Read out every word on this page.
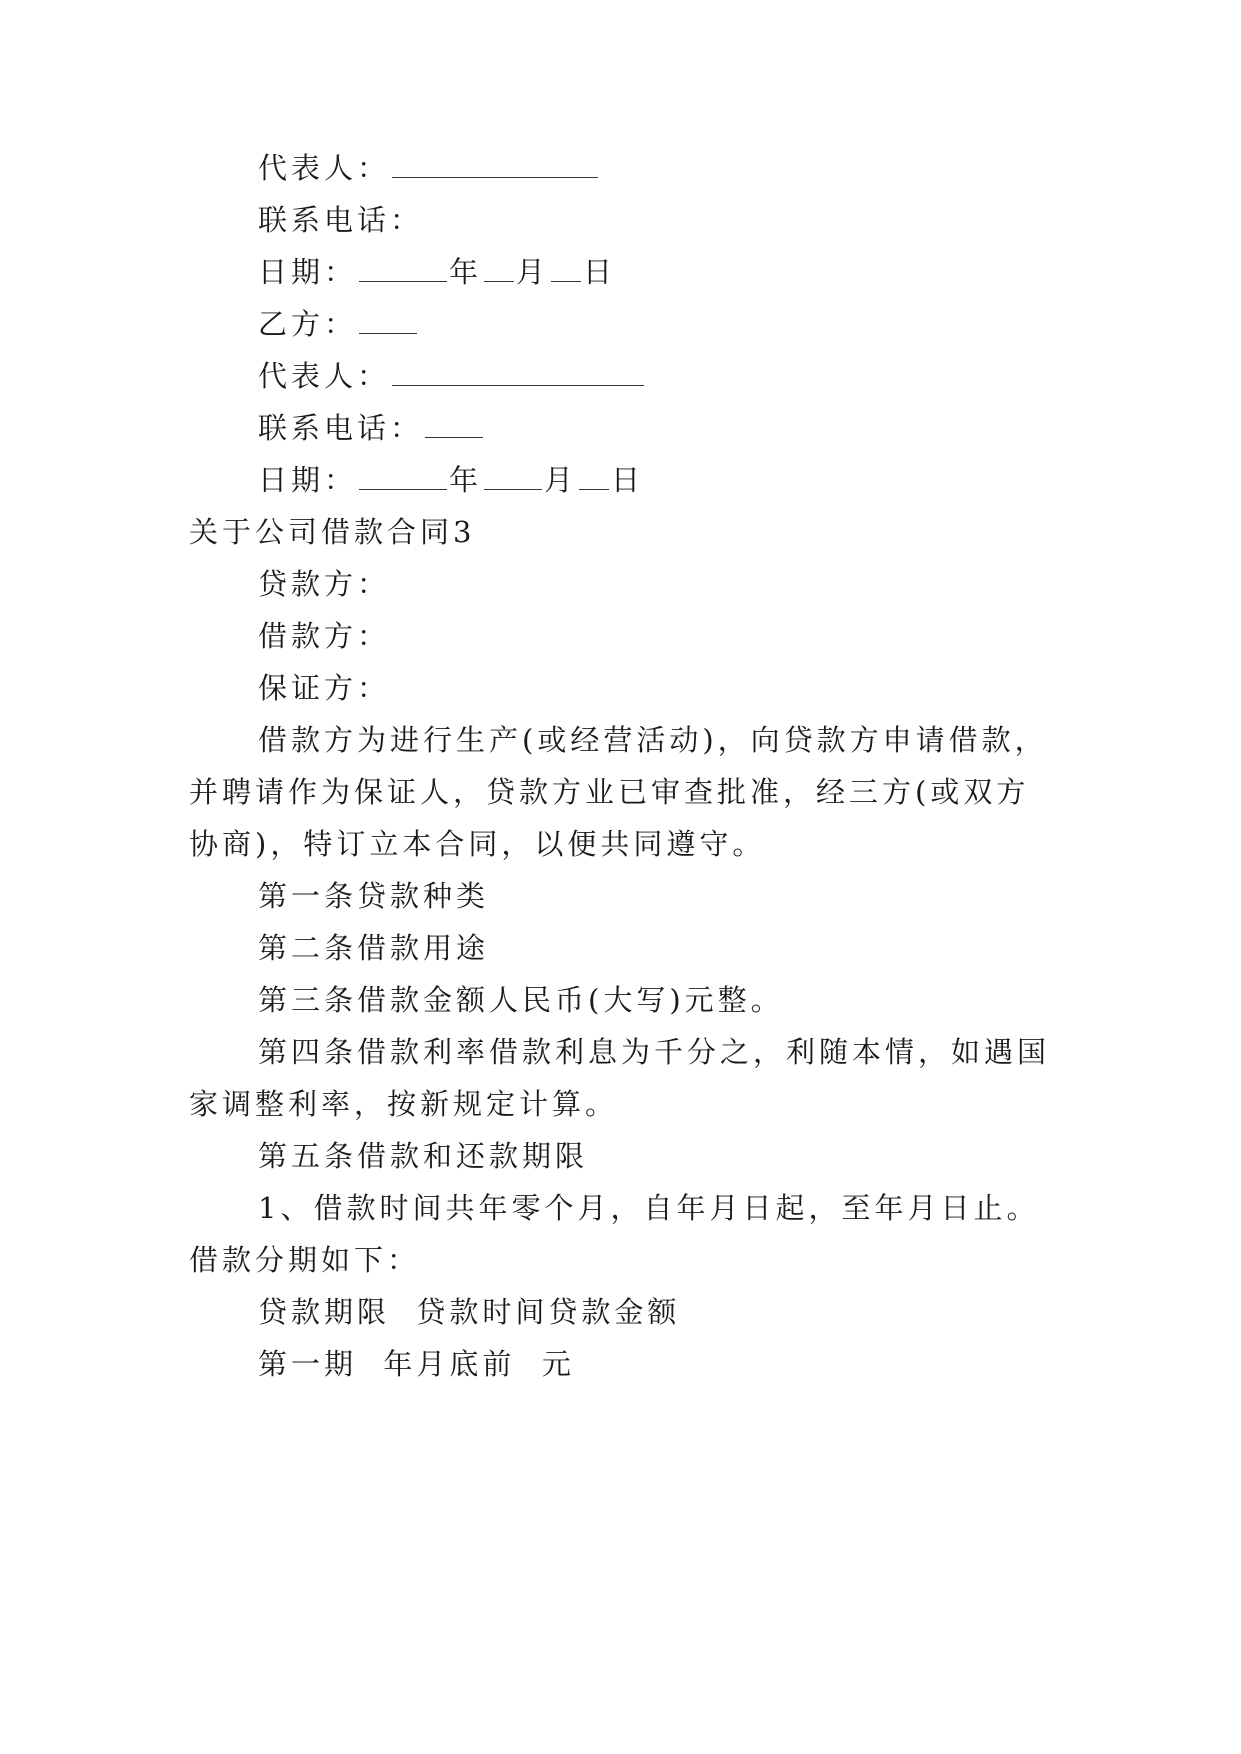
代表人：
联系电话：
日期：	年 月 日
乙方：
代表人：
联系电话：
日期：	年 月 日
关于公司借款合同3
贷款方：
借款方：
保证方：
借款方为进行生产(或经营活动)，向贷款方申请借款，
并聘请作为保证人，贷款方业已审查批准，经三方(或双方
协商)，特订立本合同，以便共同遵守。
第一条贷款种类
第二条借款用途
第三条借款金额人民币(大写)元整。
第四条借款利率借款利息为千分之，利随本情，如遇国
家调整利率，按新规定计算。
第五条借款和还款期限
1、借款时间共年零个月，自年月日起，至年月日止。
借款分期如下：
贷款期限  贷款时间贷款金额
第一期  年月底前  元
